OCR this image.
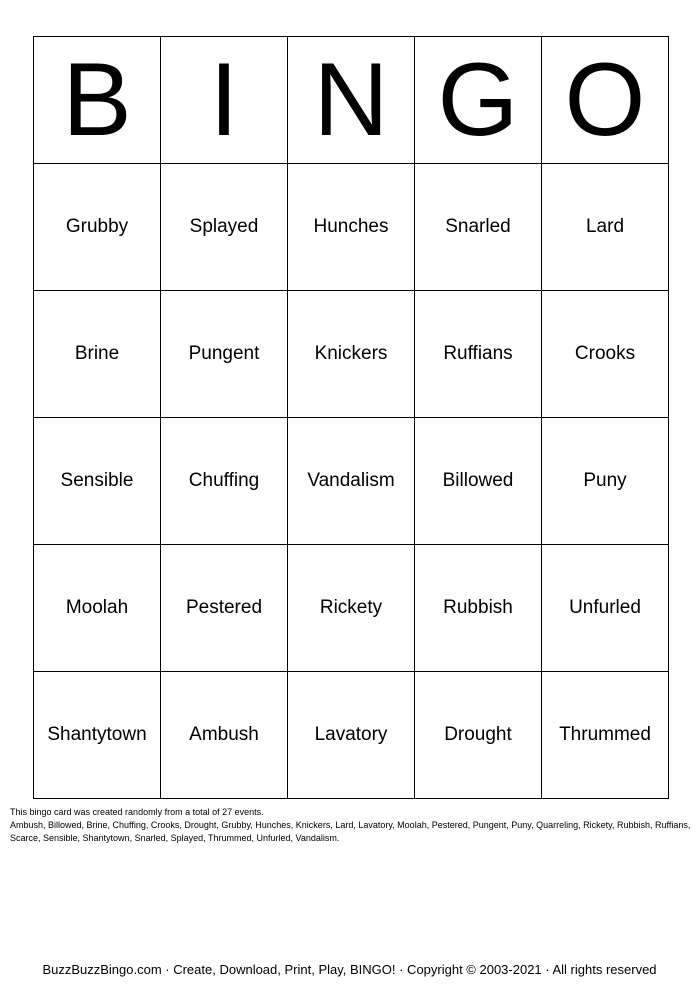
B	I	N	G	O
Grubby	Splayed	Hunches	Snarled	Lard
Brine	Pungent	Knickers	Ruffians	Crooks
Sensible	Chuffing	Vandalism	Billowed	Puny
Moolah	Pestered	Rickety	Rubbish	Unfurled
Shantytown	Ambush	Lavatory	Drought	Thrummed
This bingo card was created randomly from a total of 27 events.
Ambush, Billowed, Brine, Chuffing, Crooks, Drought, Grubby, Hunches, Knickers, Lard, Lavatory, Moolah, Pestered, Pungent, Puny, Quarreling, Rickety, Rubbish, Ruffians, Scarce, Sensible, Shantytown, Snarled, Splayed, Thrummed, Unfurled, Vandalism.
BuzzBuzzBingo.com · Create, Download, Print, Play, BINGO! · Copyright © 2003-2021 · All rights reserved
